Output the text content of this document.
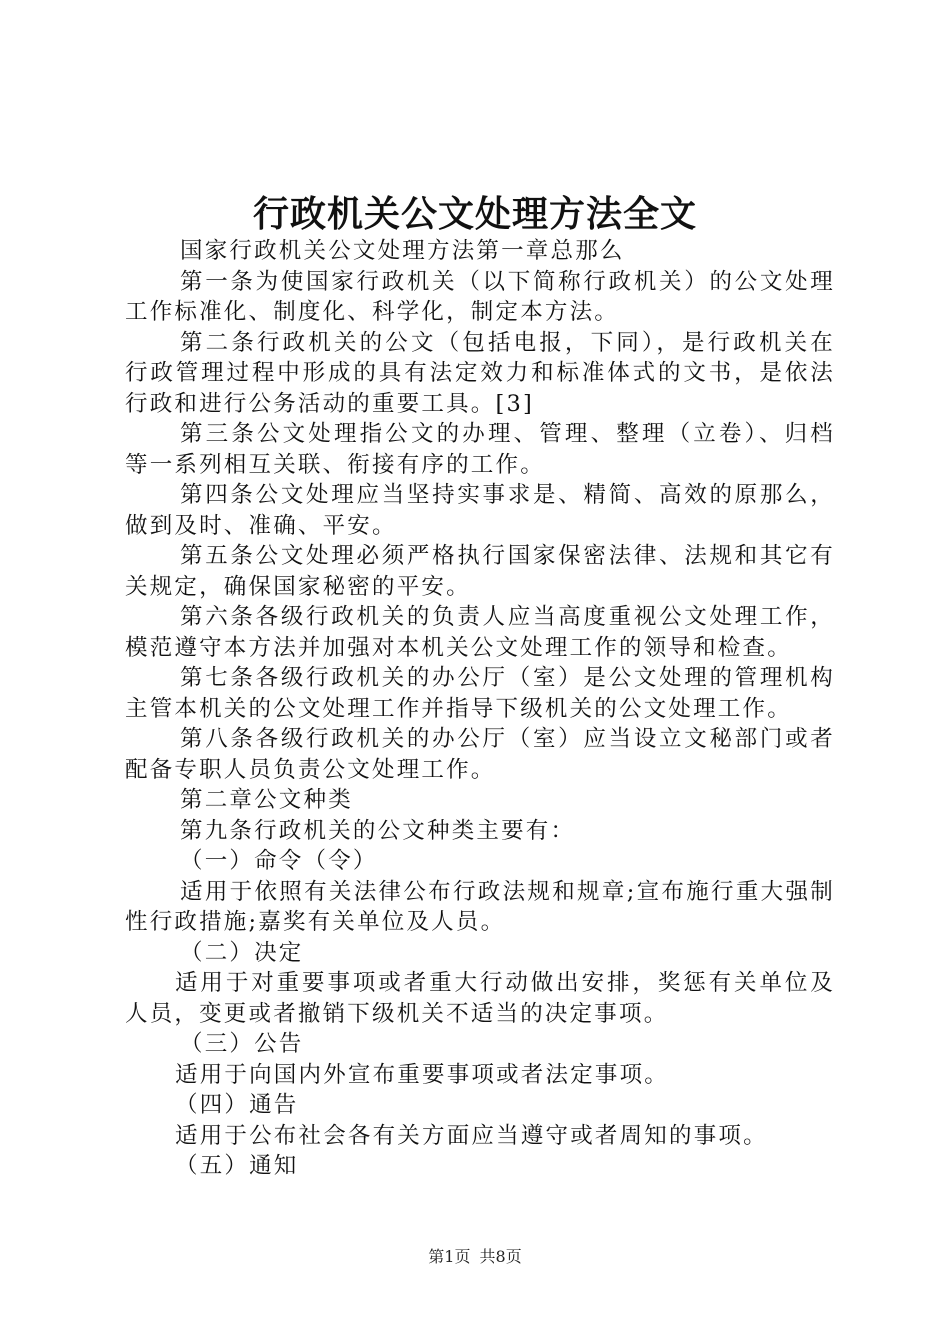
行政机关公文处理方法全文

国家行政机关公文处理方法第一章总那么

第一条为使国家行政机关（以下简称行政机关）的公文处理工作标准化、制度化、科学化，制定本方法。

第二条行政机关的公文（包括电报，下同），是行政机关在行政管理过程中形成的具有法定效力和标准体式的文书，是依法行政和进行公务活动的重要工具。[3]

第三条公文处理指公文的办理、管理、整理（立卷）、归档等一系列相互关联、衔接有序的工作。

第四条公文处理应当坚持实事求是、精简、高效的原那么，做到及时、准确、平安。

第五条公文处理必须严格执行国家保密法律、法规和其它有关规定，确保国家秘密的平安。

第六条各级行政机关的负责人应当高度重视公文处理工作，模范遵守本方法并加强对本机关公文处理工作的领导和检查。

第七条各级行政机关的办公厅（室）是公文处理的管理机构主管本机关的公文处理工作并指导下级机关的公文处理工作。

第八条各级行政机关的办公厅（室）应当设立文秘部门或者配备专职人员负责公文处理工作。

第二章公文种类

第九条行政机关的公文种类主要有：

（一）命令（令）

适用于依照有关法律公布行政法规和规章;宣布施行重大强制性行政措施;嘉奖有关单位及人员。

（二）决定

适用于对重要事项或者重大行动做出安排，奖惩有关单位及人员，变更或者撤销下级机关不适当的决定事项。

（三）公告

适用于向国内外宣布重要事项或者法定事项。

（四）通告

适用于公布社会各有关方面应当遵守或者周知的事项。

（五）通知

第1页 共8页
